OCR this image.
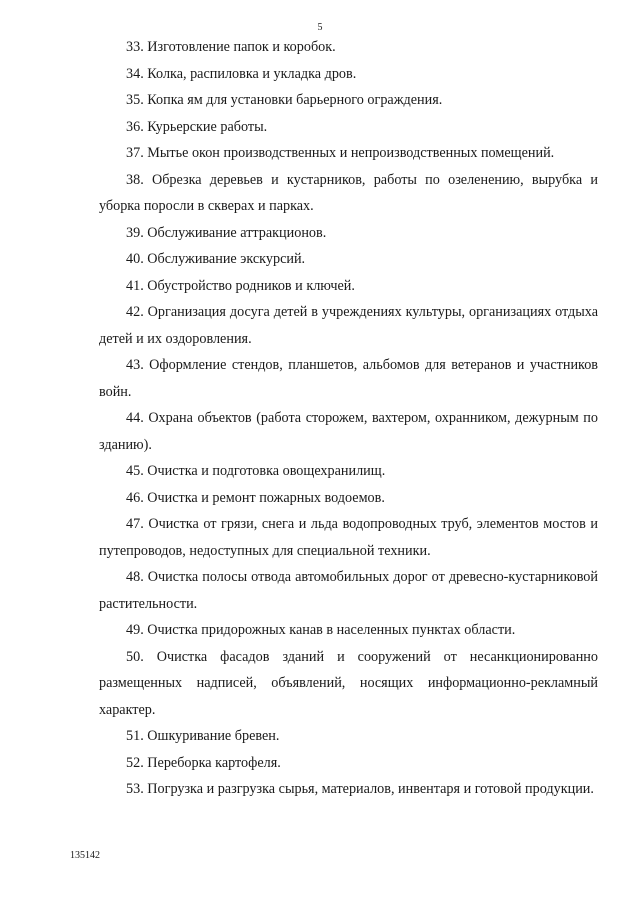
5

33. Изготовление папок и коробок.

34. Колка, распиловка и укладка дров.

35. Копка ям для установки барьерного ограждения.

36. Курьерские работы.

37. Мытье окон производственных и непроизводственных помещений.

38. Обрезка деревьев и кустарников, работы по озеленению, вырубка и уборка поросли в скверах и парках.

39. Обслуживание аттракционов.

40. Обслуживание экскурсий.

41. Обустройство родников и ключей.

42. Организация досуга детей в учреждениях культуры, организациях отдыха детей и их оздоровления.

43. Оформление стендов, планшетов, альбомов для ветеранов и участников войн.

44. Охрана объектов (работа сторожем, вахтером, охранником, дежурным по зданию).

45. Очистка и подготовка овощехранилищ.

46. Очистка и ремонт пожарных водоемов.

47. Очистка от грязи, снега и льда водопроводных труб, элементов мостов и путепроводов, недоступных для специальной техники.

48. Очистка полосы отвода автомобильных дорог от древесно-кустарниковой растительности.

49. Очистка придорожных канав в населенных пунктах области.

50. Очистка фасадов зданий и сооружений от несанкционированно размещенных надписей, объявлений, носящих информационно-рекламный характер.

51. Ошкуривание бревен.

52. Переборка картофеля.

53. Погрузка и разгрузка сырья, материалов, инвентаря и готовой продукции.

135142
